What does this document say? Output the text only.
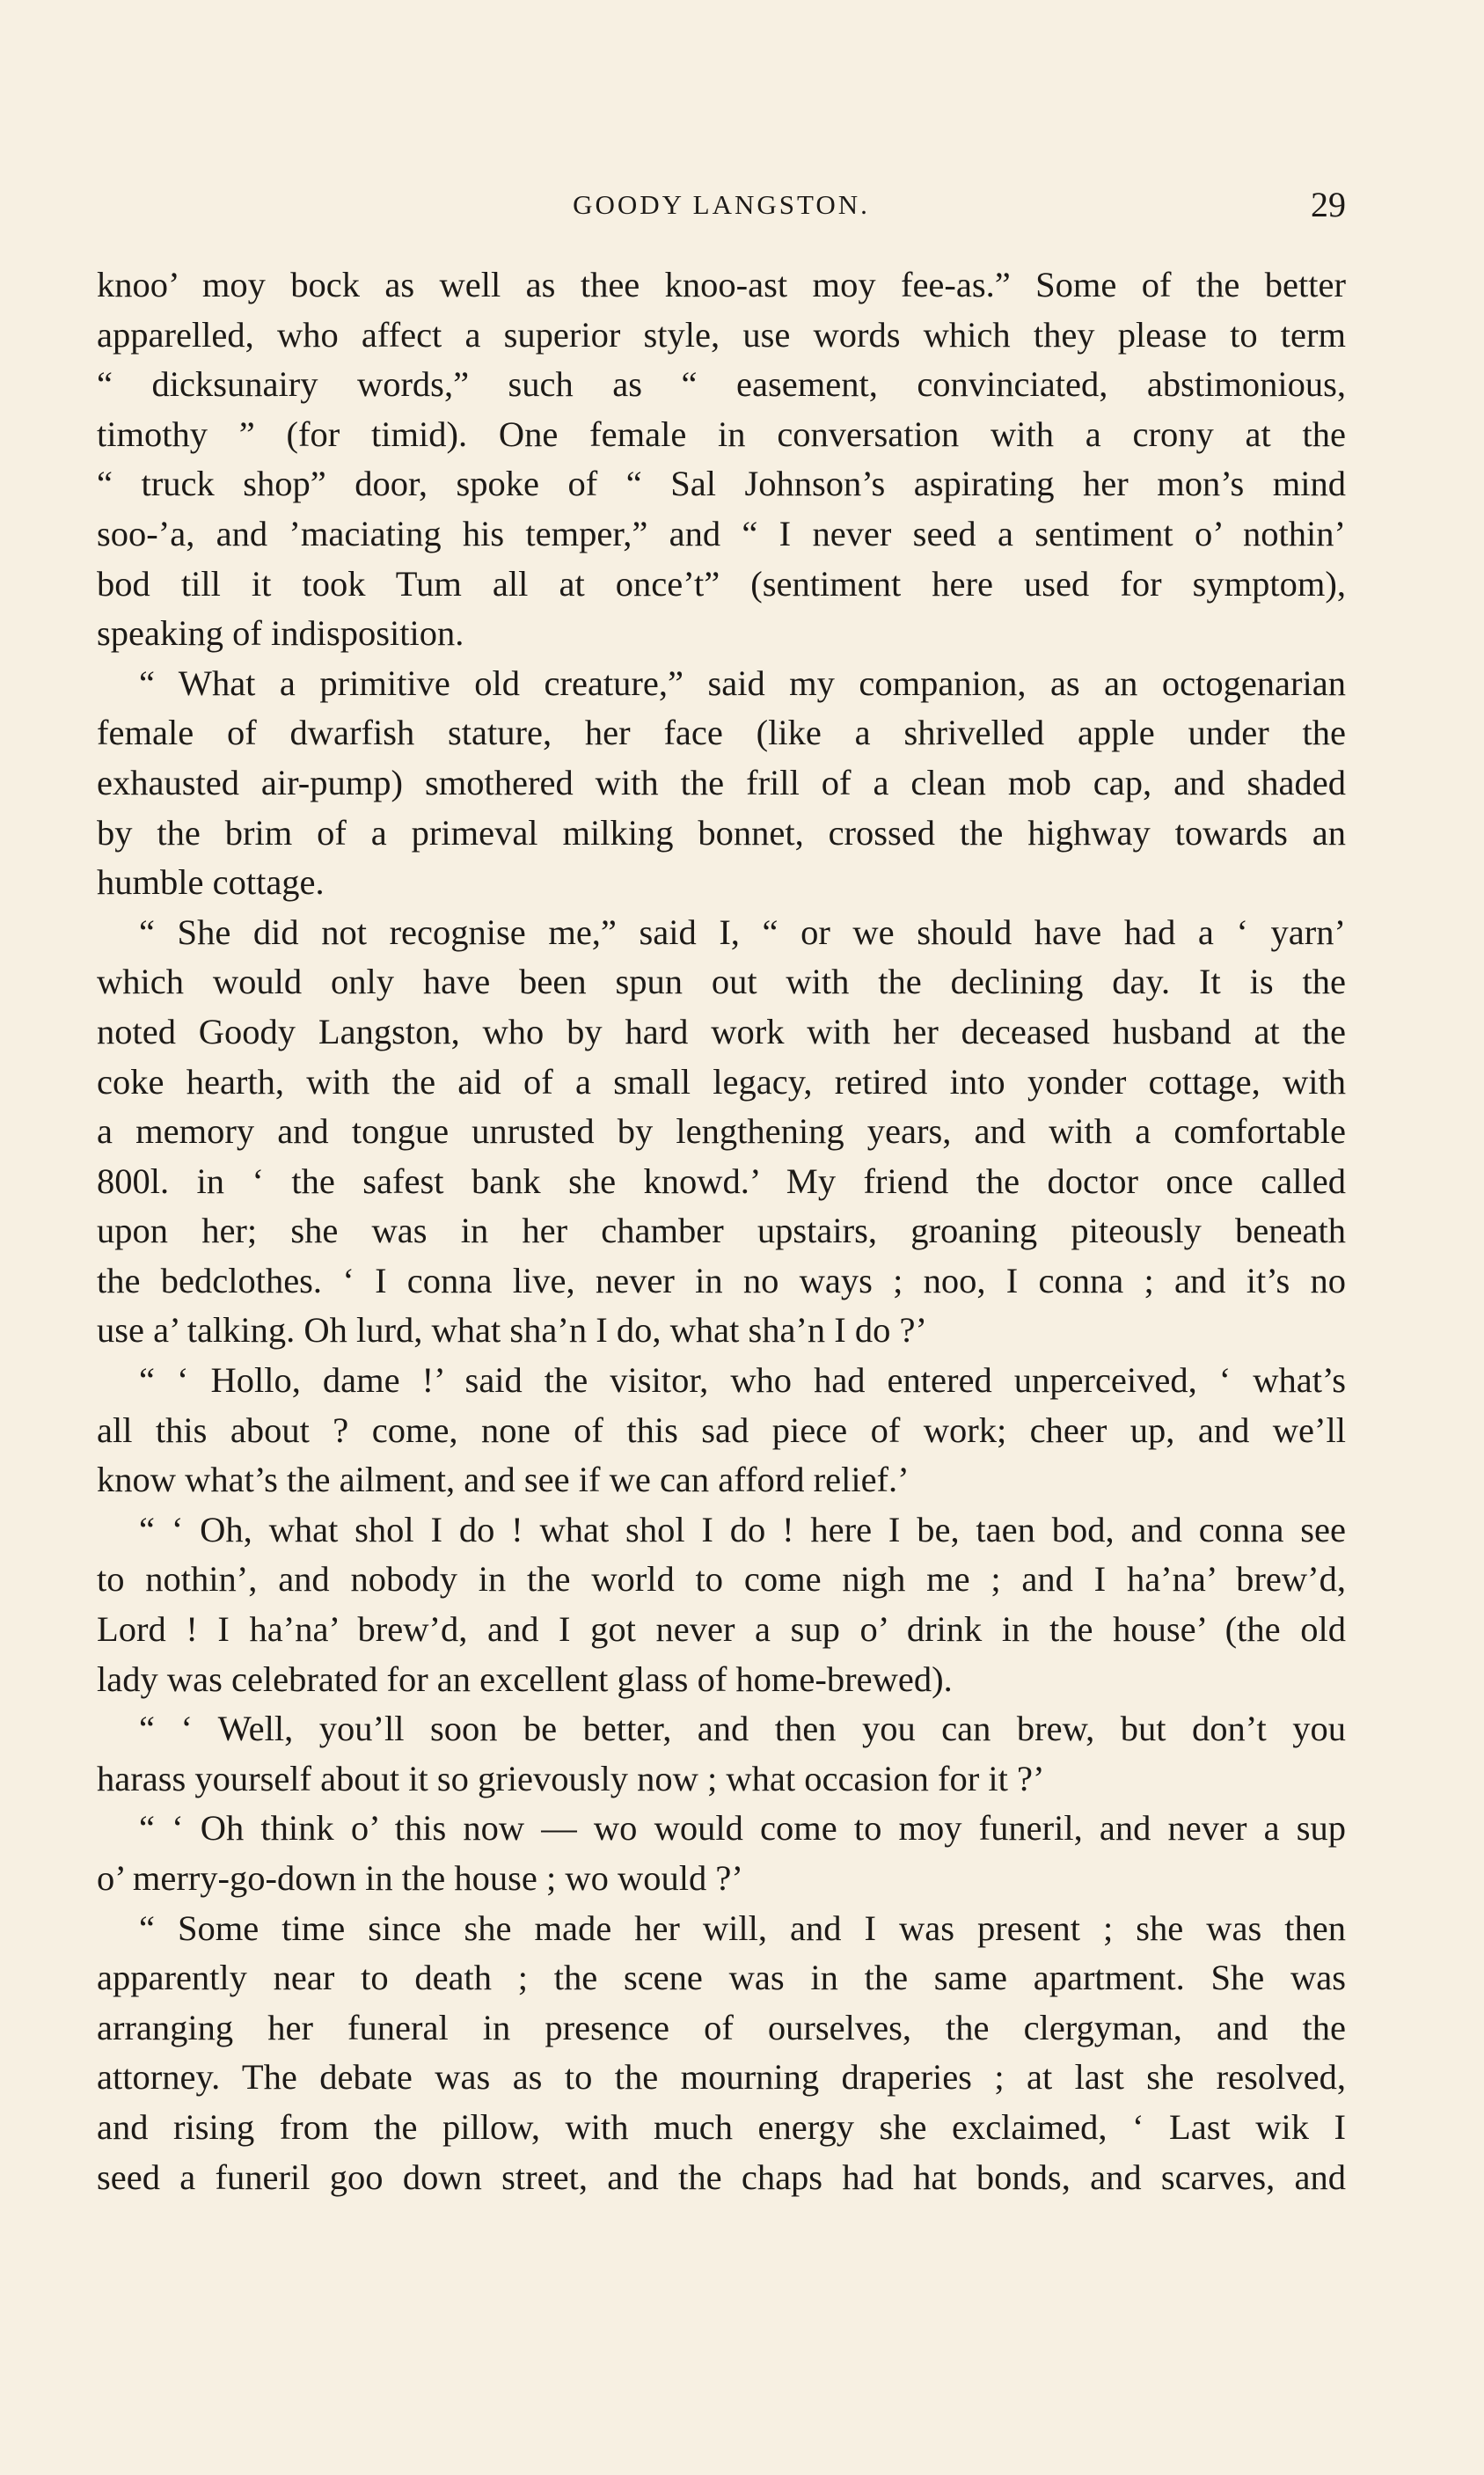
GOODY LANGSTON.	29
knoo’ moy bock as well as thee knoo-ast moy fee-as.” Some of the better
apparelled, who affect a superior style, use words which they please to term
“ dicksunairy words,” such as “ easement, convinciated, abstimonious,
timothy ” (for timid). One female in conversation with a crony at the
“ truck shop” door, spoke of “ Sal Johnson’s aspirating her mon’s mind
soo-’a, and ’maciating his temper,” and “ I never seed a sentiment o’ nothin’
bod till it took Tum all at once’t” (sentiment here used for symptom),
speaking of indisposition.
“ What a primitive old creature,” said my companion, as an octogenarian
female of dwarfish stature, her face (like a shrivelled apple under the
exhausted air-pump) smothered with the frill of a clean mob cap, and shaded
by the brim of a primeval milking bonnet, crossed the highway towards an
humble cottage.
“ She did not recognise me,” said I, “ or we should have had a ‘ yarn’
which would only have been spun out with the declining day. It is the
noted Goody Langston, who by hard work with her deceased husband at the
coke hearth, with the aid of a small legacy, retired into yonder cottage, with
a memory and tongue unrusted by lengthening years, and with a comfortable
800l. in ‘ the safest bank she knowd.’ My friend the doctor once called
upon her; she was in her chamber upstairs, groaning piteously beneath
the bedclothes. ‘ I conna live, never in no ways ; noo, I conna ; and it’s no
use a’ talking. Oh lurd, what sha’n I do, what sha’n I do ?’
“ ‘ Hollo, dame !’ said the visitor, who had entered unperceived, ‘ what’s
all this about ? come, none of this sad piece of work; cheer up, and we’ll
know what’s the ailment, and see if we can afford relief.’
“ ‘ Oh, what shol I do ! what shol I do ! here I be, taen bod, and conna see
to nothin’, and nobody in the world to come nigh me ; and I ha’na’ brew’d,
Lord ! I ha’na’ brew’d, and I got never a sup o’ drink in the house’ (the old
lady was celebrated for an excellent glass of home-brewed).
“ ‘ Well, you’ll soon be better, and then you can brew, but don’t you
harass yourself about it so grievously now ; what occasion for it ?’
“ ‘ Oh think o’ this now — wo would come to moy funeril, and never a sup
o’ merry-go-down in the house ; wo would ?’
“ Some time since she made her will, and I was present ; she was then
apparently near to death ; the scene was in the same apartment. She was
arranging her funeral in presence of ourselves, the clergyman, and the
attorney. The debate was as to the mourning draperies ; at last she resolved,
and rising from the pillow, with much energy she exclaimed, ‘ Last wik I
seed a funeril goo down street, and the chaps had hat bonds, and scarves, and
